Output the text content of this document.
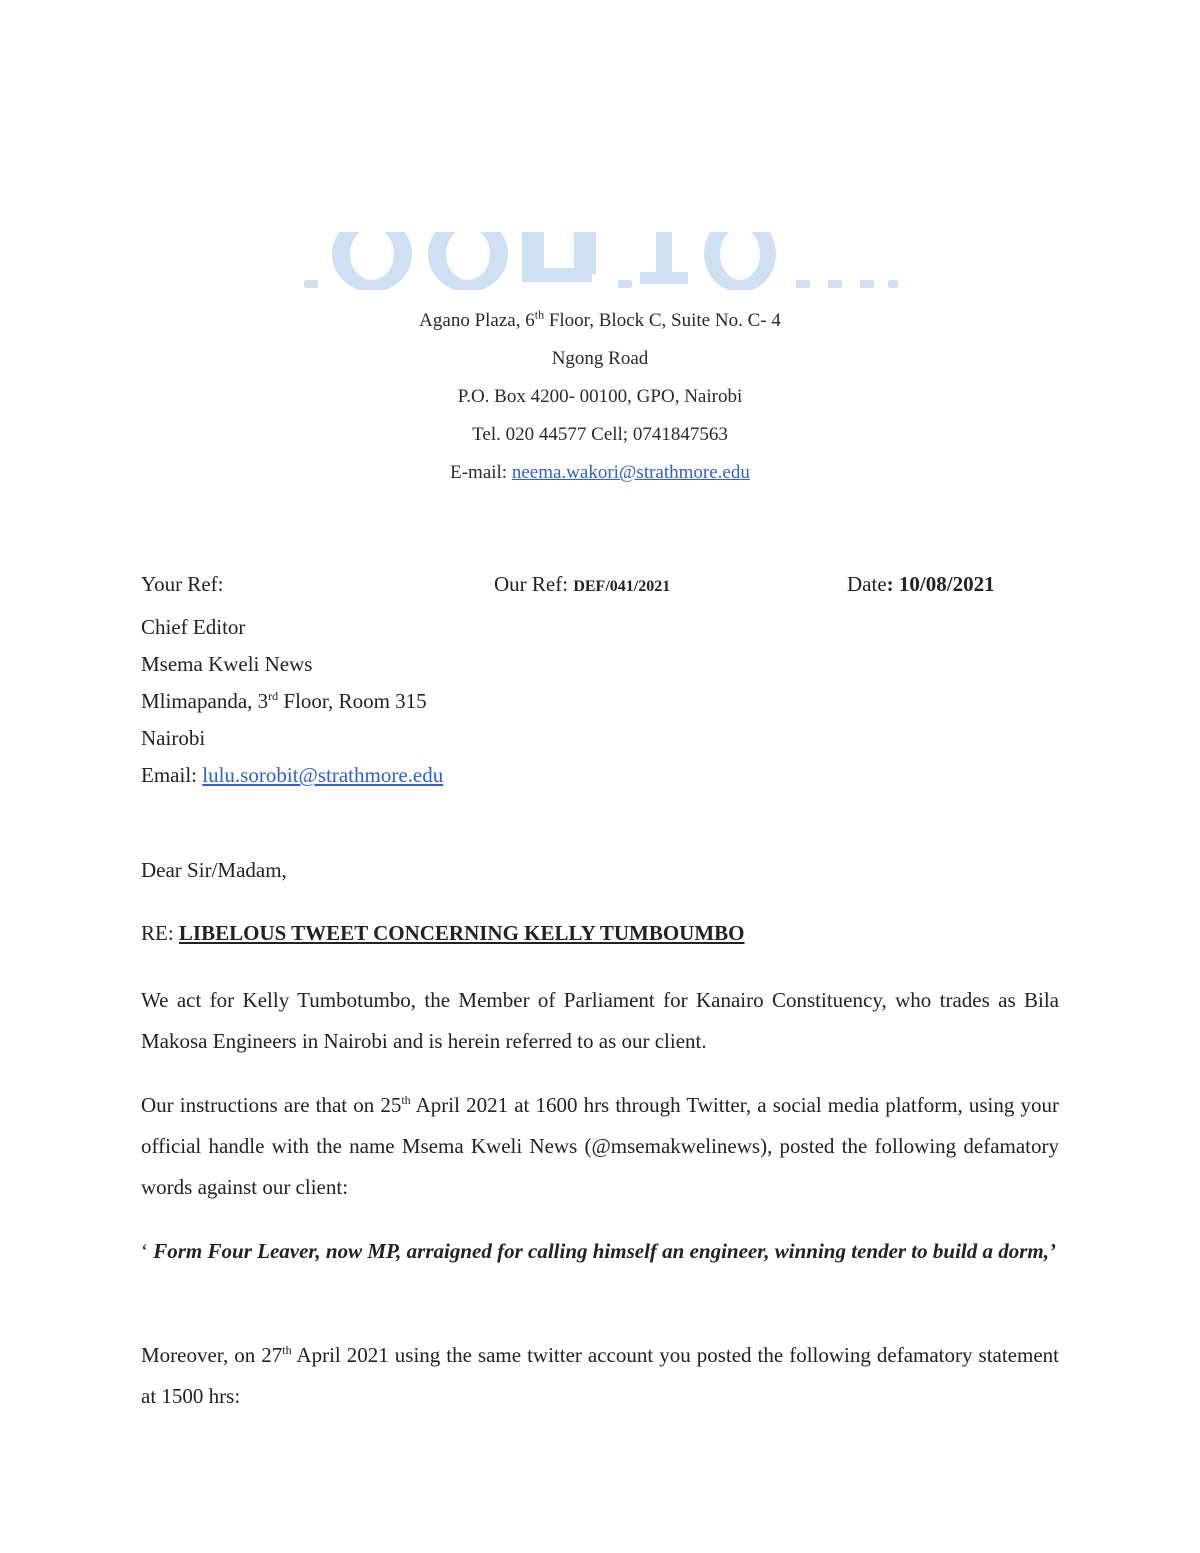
Agano Plaza, 6th Floor, Block C, Suite No. C- 4
Ngong Road
P.O. Box 4200- 00100, GPO, Nairobi
Tel. 020 44577 Cell; 0741847563
E-mail: neema.wakori@strathmore.edu
Your Ref:	Our Ref: DEF/041/2021	Date: 10/08/2021
Chief Editor
Msema Kweli News
Mlimapanda, 3rd Floor, Room 315
Nairobi
Email: lulu.sorobit@strathmore.edu
Dear Sir/Madam,
RE: LIBELOUS TWEET CONCERNING KELLY TUMBOUMBO
We act for Kelly Tumbotumbo, the Member of Parliament for Kanairo Constituency, who trades as Bila Makosa Engineers in Nairobi and is herein referred to as our client.
Our instructions are that on 25th April 2021 at 1600 hrs through Twitter, a social media platform, using your official handle with the name Msema Kweli News (@msemakwelinews), posted the following defamatory words against our client:
‘ Form Four Leaver, now MP, arraigned for calling himself an engineer, winning tender to build a dorm,’
Moreover, on 27th April 2021 using the same twitter account you posted the following defamatory statement at 1500 hrs:
